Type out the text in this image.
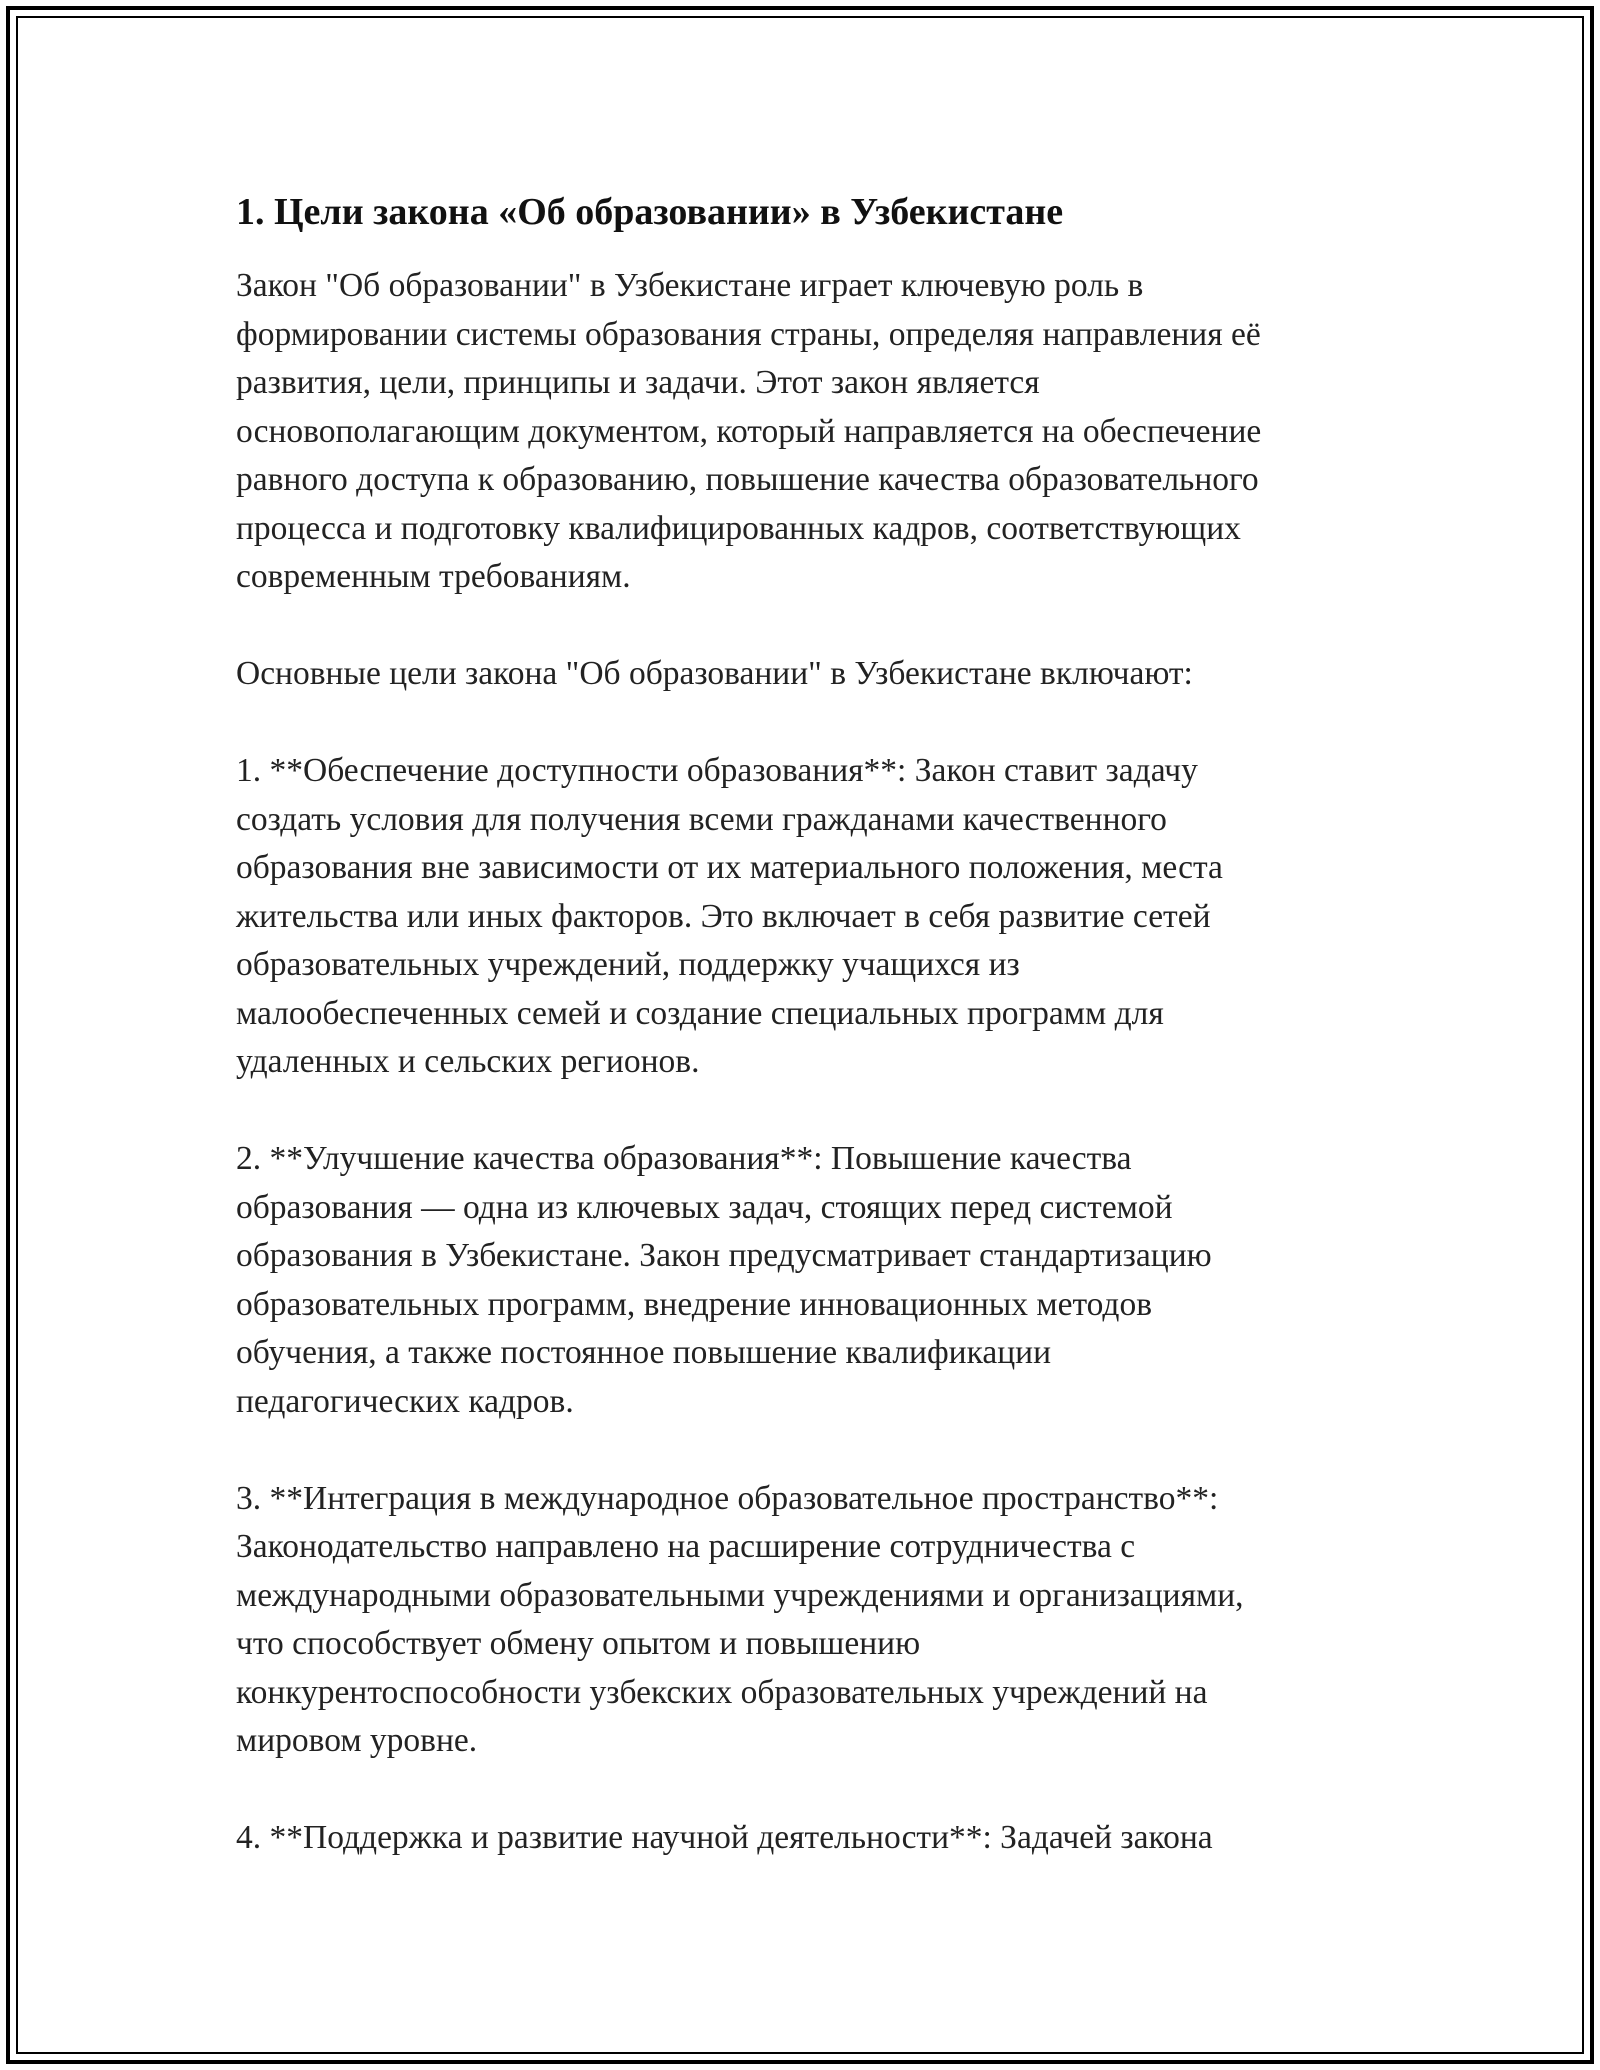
1. Цели закона «Об образовании» в Узбекистане

Закон "Об образовании" в Узбекистане играет ключевую роль в
формировании системы образования страны, определяя направления её
развития, цели, принципы и задачи. Этот закон является
основополагающим документом, который направляется на обеспечение
равного доступа к образованию, повышение качества образовательного
процесса и подготовку квалифицированных кадров, соответствующих
современным требованиям.

Основные цели закона "Об образовании" в Узбекистане включают:

1. **Обеспечение доступности образования**: Закон ставит задачу
создать условия для получения всеми гражданами качественного
образования вне зависимости от их материального положения, места
жительства или иных факторов. Это включает в себя развитие сетей
образовательных учреждений, поддержку учащихся из
малообеспеченных семей и создание специальных программ для
удаленных и сельских регионов.

2. **Улучшение качества образования**: Повышение качества
образования — одна из ключевых задач, стоящих перед системой
образования в Узбекистане. Закон предусматривает стандартизацию
образовательных программ, внедрение инновационных методов
обучения, а также постоянное повышение квалификации
педагогических кадров.

3. **Интеграция в международное образовательное пространство**:
Законодательство направлено на расширение сотрудничества с
международными образовательными учреждениями и организациями,
что способствует обмену опытом и повышению
конкурентоспособности узбекских образовательных учреждений на
мировом уровне.

4. **Поддержка и развитие научной деятельности**: Задачей закона
